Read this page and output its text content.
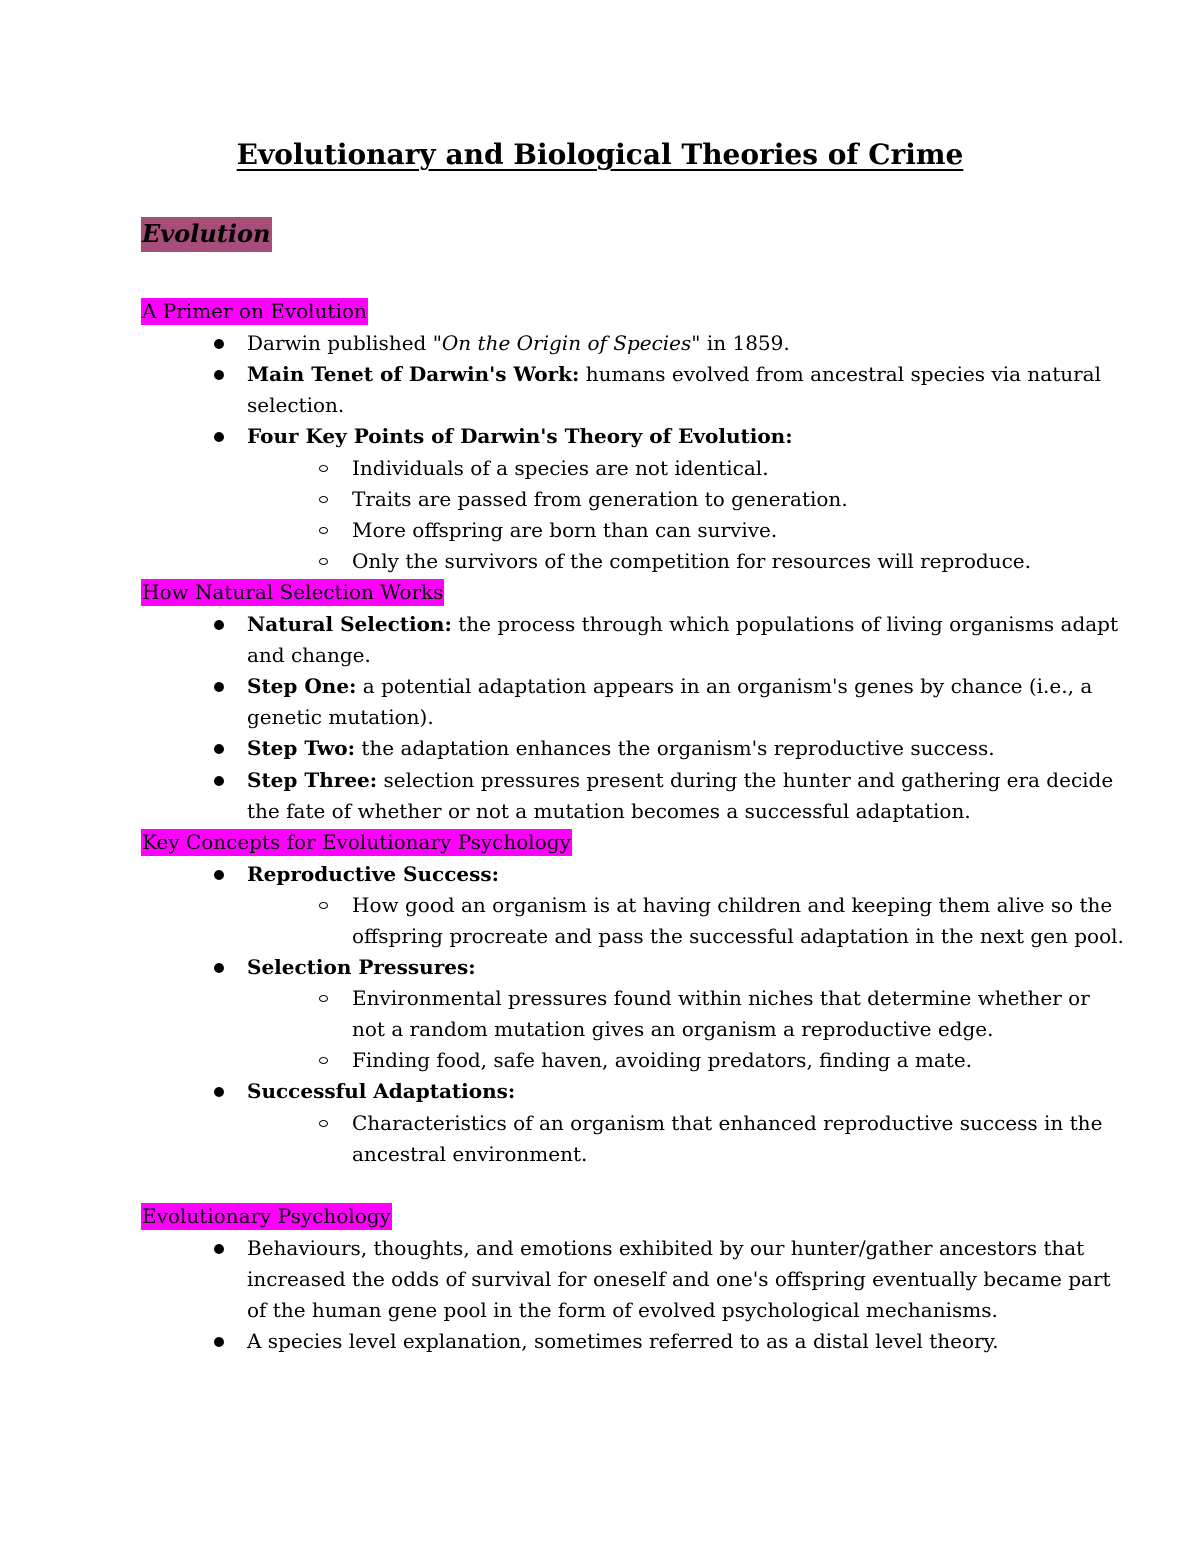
Evolutionary and Biological Theories of Crime
Evolution
A Primer on Evolution
Darwin published "On the Origin of Species" in 1859.
Main Tenet of Darwin's Work: humans evolved from ancestral species via natural
selection.
Four Key Points of Darwin's Theory of Evolution:
Individuals of a species are not identical.
Traits are passed from generation to generation.
More offspring are born than can survive.
Only the survivors of the competition for resources will reproduce.
How Natural Selection Works
Natural Selection: the process through which populations of living organisms adapt
and change.
Step One: a potential adaptation appears in an organism's genes by chance (i.e., a
genetic mutation).
Step Two: the adaptation enhances the organism's reproductive success.
Step Three: selection pressures present during the hunter and gathering era decide
the fate of whether or not a mutation becomes a successful adaptation.
Key Concepts for Evolutionary Psychology
Reproductive Success:
How good an organism is at having children and keeping them alive so the
offspring procreate and pass the successful adaptation in the next gen pool.
Selection Pressures:
Environmental pressures found within niches that determine whether or
not a random mutation gives an organism a reproductive edge.
Finding food, safe haven, avoiding predators, finding a mate.
Successful Adaptations:
Characteristics of an organism that enhanced reproductive success in the
ancestral environment.
Evolutionary Psychology
Behaviours, thoughts, and emotions exhibited by our hunter/gather ancestors that
increased the odds of survival for oneself and one's offspring eventually became part
of the human gene pool in the form of evolved psychological mechanisms.
A species level explanation, sometimes referred to as a distal level theory.
